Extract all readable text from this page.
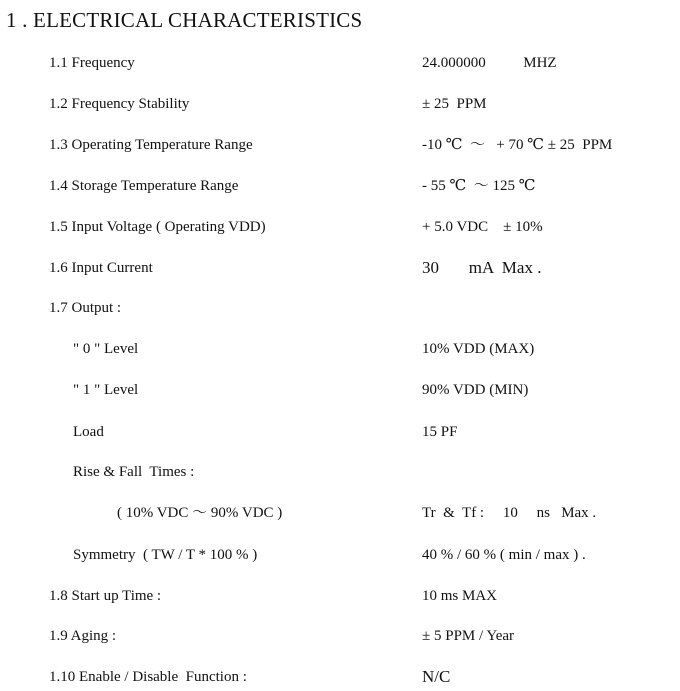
1 . ELECTRICAL CHARACTERISTICS
1.1 Frequency	24.000000          MHZ
1.2 Frequency Stability	± 25  PPM
1.3 Operating Temperature Range	-10 ℃  ～   + 70 ℃ ± 25  PPM
1.4 Storage Temperature Range	- 55 ℃  ～ 125 ℃
1.5 Input Voltage ( Operating VDD)	+ 5.0 VDC    ± 10%
1.6 Input Current	30       mA  Max .
1.7 Output :
" 0 " Level	10% VDD (MAX)
" 1 " Level	90% VDD (MIN)
Load	15 PF
Rise & Fall  Times :
( 10% VDC ～ 90% VDC )	Tr  &  Tf :     10     ns   Max .
Symmetry  ( TW / T * 100 % )	40 % / 60 % ( min / max ) .
1.8 Start up Time :	10 ms MAX
1.9 Aging :	± 5 PPM / Year
1.10 Enable / Disable  Function :	N/C
